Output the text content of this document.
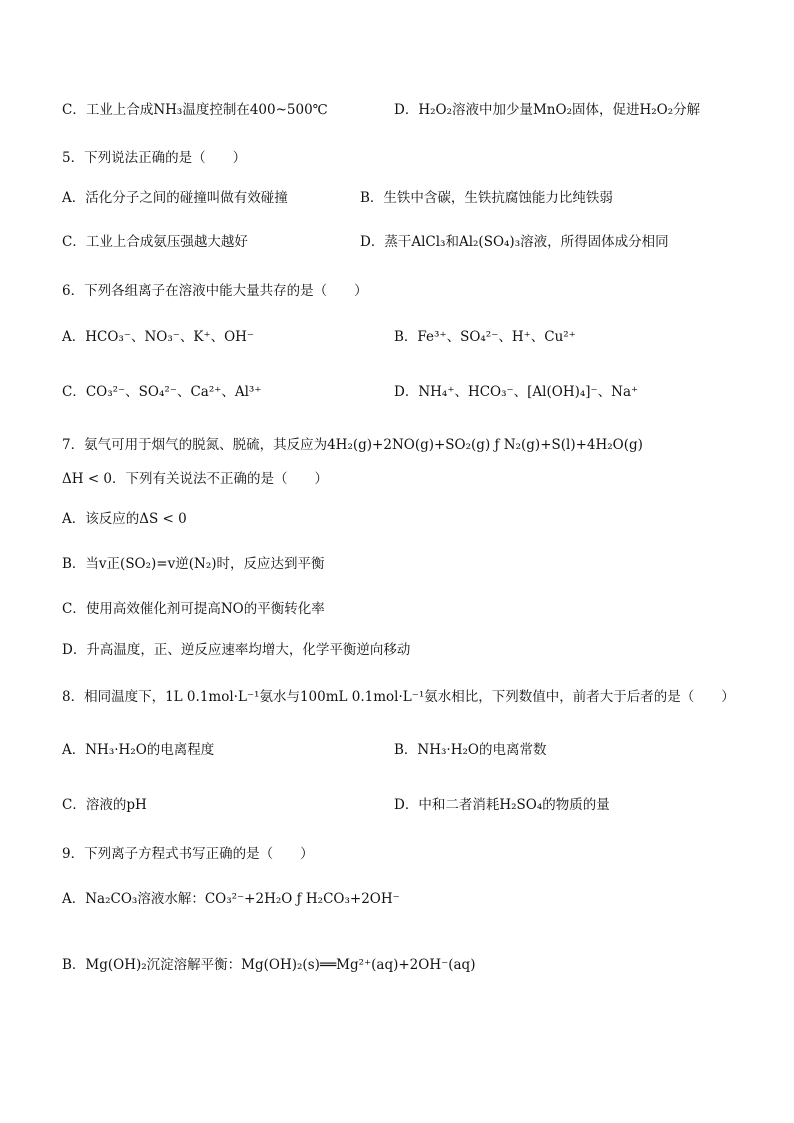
C．工业上合成NH₃温度控制在400~500℃	D．H₂O₂溶液中加少量MnO₂固体，促进H₂O₂分解
5．下列说法正确的是（　　）
A．活化分子之间的碰撞叫做有效碰撞	B．生铁中含碳，生铁抗腐蚀能力比纯铁弱
C．工业上合成氨压强越大越好	D．蒸干AlCl₃和Al₂(SO₄)₃溶液，所得固体成分相同
6．下列各组离子在溶液中能大量共存的是（　　）
A．HCO₃⁻、NO₃⁻、K⁺、OH⁻	B．Fe³⁺、SO₄²⁻、H⁺、Cu²⁺
C．CO₃²⁻、SO₄²⁻、Ca²⁺、Al³⁺	D．NH₄⁺、HCO₃⁻、[Al(OH)₄]⁻、Na⁺
7．氨气可用于烟气的脱氮、脱硫，其反应为4H₂(g)+2NO(g)+SO₂(g) ƒ N₂(g)+S(l)+4H₂O(g)
ΔH < 0．下列有关说法不正确的是（　　）
A．该反应的ΔS < 0
B．当v正(SO₂)=v逆(N₂)时，反应达到平衡
C．使用高效催化剂可提高NO的平衡转化率
D．升高温度，正、逆反应速率均增大，化学平衡逆向移动
8．相同温度下，1L 0.1mol·L⁻¹氨水与100mL 0.1mol·L⁻¹氨水相比，下列数值中，前者大于后者的是（　　）
A．NH₃·H₂O的电离程度	B．NH₃·H₂O的电离常数
C．溶液的pH	D．中和二者消耗H₂SO₄的物质的量
9．下列离子方程式书写正确的是（　　）
A．Na₂CO₃溶液水解：CO₃²⁻+2H₂O ƒ H₂CO₃+2OH⁻
B．Mg(OH)₂沉淀溶解平衡：Mg(OH)₂(s)══Mg²⁺(aq)+2OH⁻(aq)
